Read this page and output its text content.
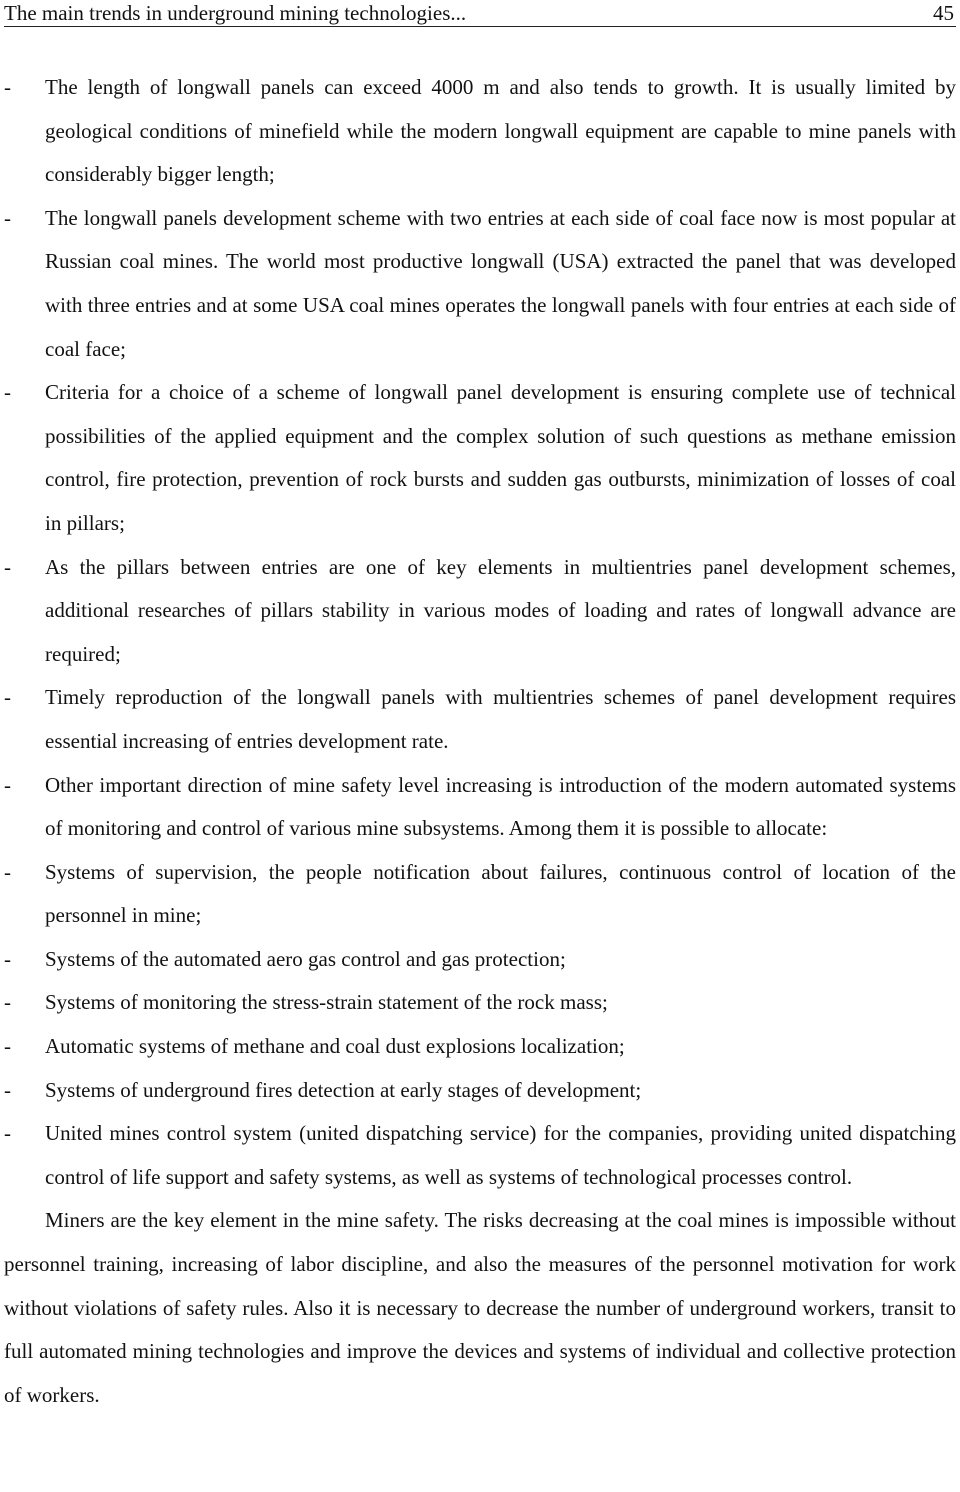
The main trends in underground mining technologies...	45
- The length of longwall panels can exceed 4000 m and also tends to growth. It is usually limited by geological conditions of minefield while the modern longwall equipment are capable to mine panels with considerably bigger length;
- The longwall panels development scheme with two entries at each side of coal face now is most popular at Russian coal mines. The world most productive longwall (USA) extracted the panel that was developed with three entries and at some USA coal mines operates the longwall panels with four entries at each side of coal face;
- Criteria for a choice of a scheme of longwall panel development is ensuring complete use of technical possibilities of the applied equipment and the complex solution of such questions as methane emission control, fire protection, prevention of rock bursts and sudden gas outbursts, minimization of losses of coal in pillars;
- As the pillars between entries are one of key elements in multientries panel development schemes, additional researches of pillars stability in various modes of loading and rates of longwall advance are required;
- Timely reproduction of the longwall panels with multientries schemes of panel development requires essential increasing of entries development rate.
- Other important direction of mine safety level increasing is introduction of the modern automated systems of monitoring and control of various mine subsystems. Among them it is possible to allocate:
- Systems of supervision, the people notification about failures, continuous control of location of the personnel in mine;
- Systems of the automated aero gas control and gas protection;
- Systems of monitoring the stress-strain statement of the rock mass;
- Automatic systems of methane and coal dust explosions localization;
- Systems of underground fires detection at early stages of development;
- United mines control system (united dispatching service) for the companies, providing united dispatching control of life support and safety systems, as well as systems of technological processes control.
Miners are the key element in the mine safety. The risks decreasing at the coal mines is impossible without personnel training, increasing of labor discipline, and also the measures of the personnel motivation for work without violations of safety rules. Also it is necessary to decrease the number of underground workers, transit to full automated mining technologies and improve the devices and systems of individual and collective protection of workers.
